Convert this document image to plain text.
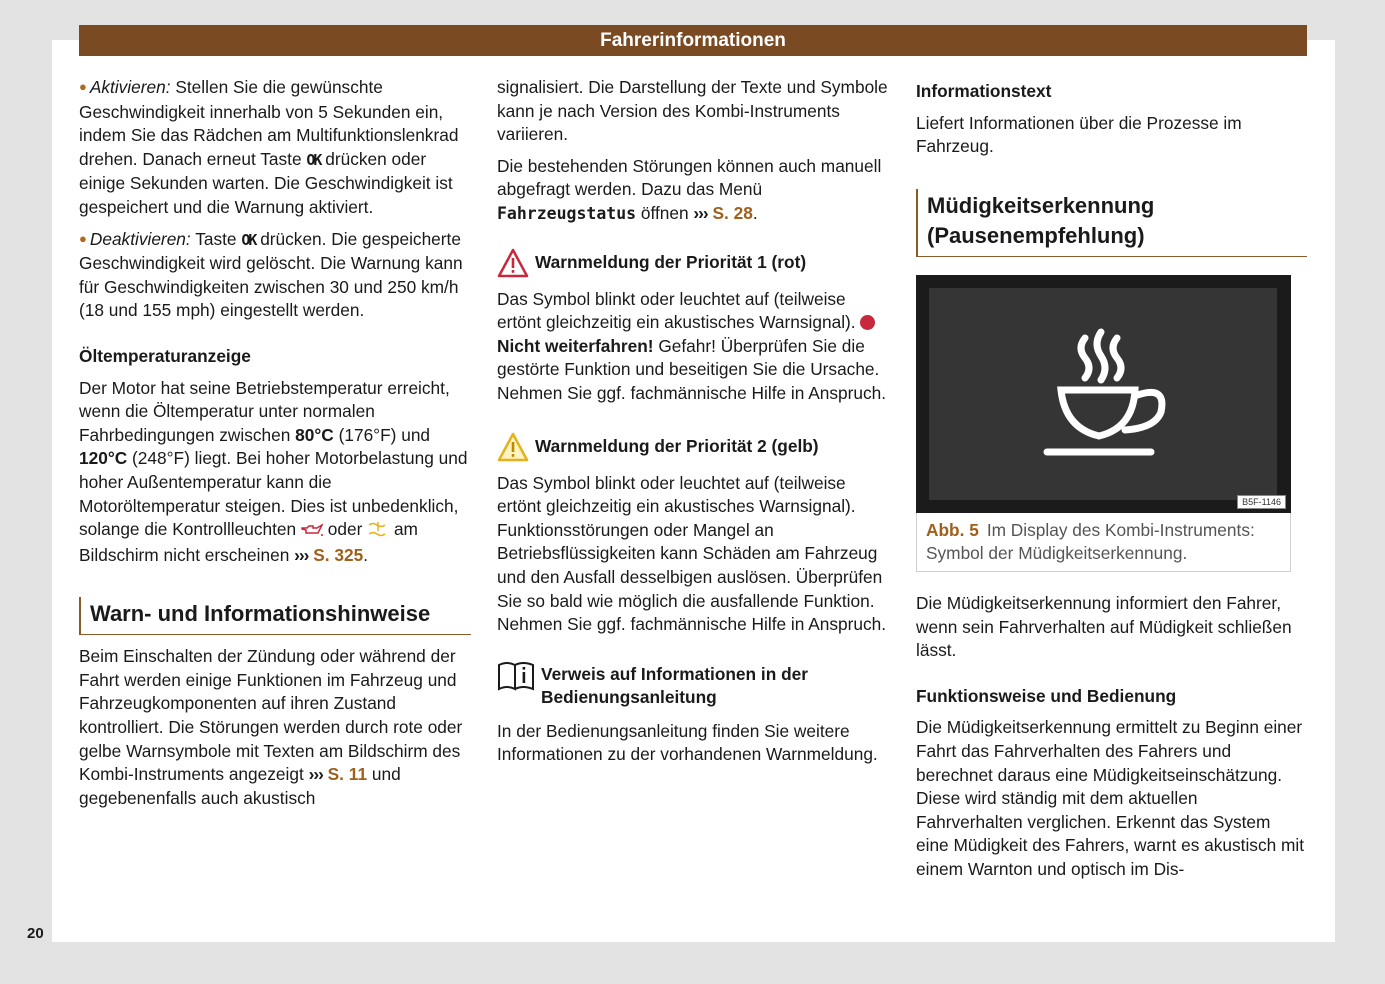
Fahrerinformationen

● Aktivieren: Stellen Sie die gewünschte Geschwindigkeit innerhalb von 5 Sekunden ein, indem Sie das Rädchen am Multifunktionslenkrad drehen. Danach erneut Taste OK drücken oder einige Sekunden warten. Die Geschwindigkeit ist gespeichert und die Warnung aktiviert.

● Deaktivieren: Taste OK drücken. Die gespeicherte Geschwindigkeit wird gelöscht. Die Warnung kann für Geschwindigkeiten zwischen 30 und 250 km/h (18 und 155 mph) eingestellt werden.

Öltemperaturanzeige

Der Motor hat seine Betriebstemperatur erreicht, wenn die Öltemperatur unter normalen Fahrbedingungen zwischen 80°C (176°F) und 120°C (248°F) liegt. Bei hoher Motorbelastung und hoher Außentemperatur kann die Motoröltemperatur steigen. Dies ist unbedenklich, solange die Kontrollleuchten  oder  am Bildschirm nicht erscheinen ››› S. 325.

Warn- und Informationshinweise

Beim Einschalten der Zündung oder während der Fahrt werden einige Funktionen im Fahrzeug und Fahrzeugkomponenten auf ihren Zustand kontrolliert. Die Störungen werden durch rote oder gelbe Warnsymbole mit Texten am Bildschirm des Kombi-Instruments angezeigt ››› S. 11 und gegebenenfalls auch akustisch

signalisiert. Die Darstellung der Texte und Symbole kann je nach Version des Kombi-Instruments variieren.

Die bestehenden Störungen können auch manuell abgefragt werden. Dazu das Menü Fahrzeugstatus öffnen ››› S. 28.

Warnmeldung der Priorität 1 (rot)

Das Symbol blinkt oder leuchtet auf (teilweise ertönt gleichzeitig ein akustisches Warnsignal). Nicht weiterfahren! Gefahr! Überprüfen Sie die gestörte Funktion und beseitigen Sie die Ursache. Nehmen Sie ggf. fachmännische Hilfe in Anspruch.

Warnmeldung der Priorität 2 (gelb)

Das Symbol blinkt oder leuchtet auf (teilweise ertönt gleichzeitig ein akustisches Warnsignal). Funktionsstörungen oder Mangel an Betriebsflüssigkeiten kann Schäden am Fahrzeug und den Ausfall desselbigen auslösen. Überprüfen Sie so bald wie möglich die ausfallende Funktion. Nehmen Sie ggf. fachmännische Hilfe in Anspruch.

Verweis auf Informationen in der Bedienungsanleitung

In der Bedienungsanleitung finden Sie weitere Informationen zu der vorhandenen Warnmeldung.

Informationstext

Liefert Informationen über die Prozesse im Fahrzeug.

Müdigkeitserkennung (Pausenempfehlung)
B5F-1146
Abb. 5 Im Display des Kombi-Instruments: Symbol der Müdigkeitserkennung.

Die Müdigkeitserkennung informiert den Fahrer, wenn sein Fahrverhalten auf Müdigkeit schließen lässt.

Funktionsweise und Bedienung

Die Müdigkeitserkennung ermittelt zu Beginn einer Fahrt das Fahrverhalten des Fahrers und berechnet daraus eine Müdigkeitseinschätzung. Diese wird ständig mit dem aktuellen Fahrverhalten verglichen. Erkennt das System eine Müdigkeit des Fahrers, warnt es akustisch mit einem Warnton und optisch im Dis-

20
